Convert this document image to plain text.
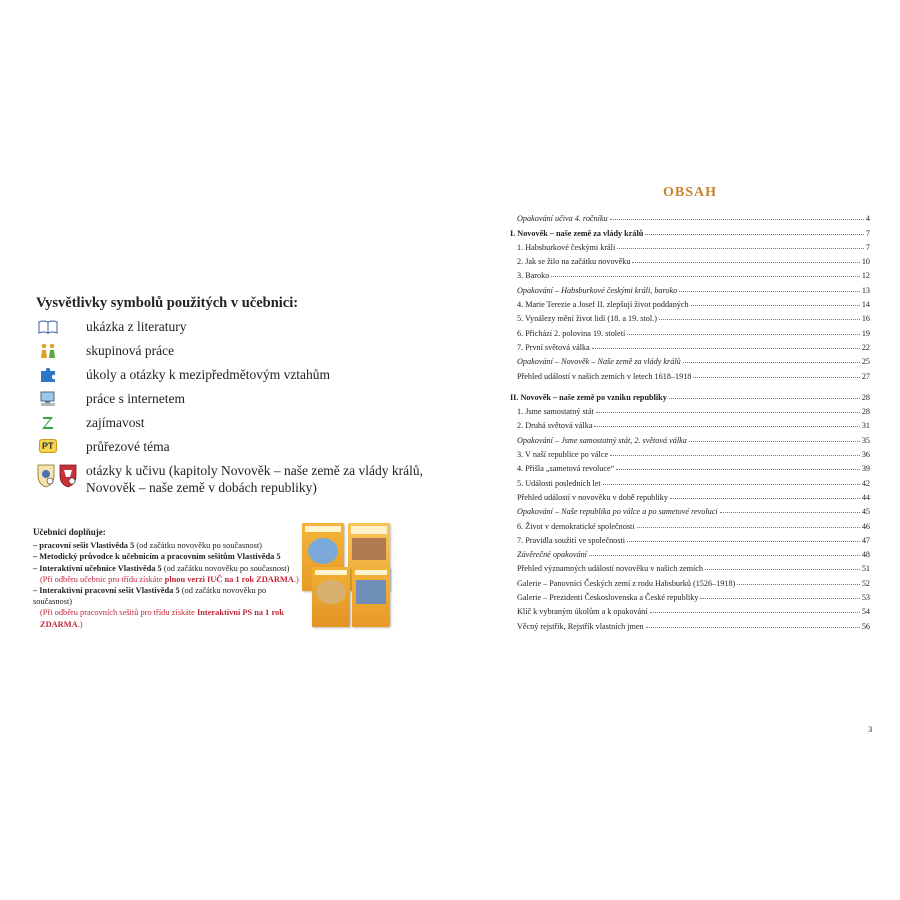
Vysvětlivky symbolů použitých v učebnici:
ukázka z literatury
skupinová práce
úkoly a otázky k mezipředmětovým vztahům
práce s internetem
zajímavost
PT průřezové téma
otázky k učivu (kapitoly Novověk – naše země za vlády králů,
Novověk – naše země v dobách republiky)
Učebnici doplňuje:
– pracovní sešit Vlastivěda 5 (od začátku novověku po současnost)
– Metodický průvodce k učebnicím a pracovním sešitům Vlastivěda 5
– Interaktivní učebnice Vlastivěda 5 (od začátku novověku po současnost)
(Při odběru učebnic pro třídu získáte plnou verzi IUČ na 1 rok ZDARMA.)
– Interaktivní pracovní sešit Vlastivěda 5 (od začátku novověku po současnost)
(Při odběru pracovních sešitů pro třídu získáte Interaktivní PS na 1 rok ZDARMA.)
OBSAH
Opakování učiva 4. ročníku	4
I. Novověk – naše země za vlády králů	7
1. Habsburkové českými králi	7
2. Jak se žilo na začátku novověku	10
3. Baroko	12
Opakování – Habsburkové českými králi, baroko	13
4. Marie Terezie a Josef II. zlepšují život poddaných	14
5. Vynálezy mění život lidí (18. a 19. stol.)	16
6. Přichází 2. polovina 19. století	19
7. První světová válka	22
Opakování – Novověk – Naše země za vlády králů	25
Přehled událostí v našich zemích v letech 1618–1918	27
II. Novověk – naše země po vzniku republiky	28
1. Jsme samostatný stát	28
2. Druhá světová válka	31
Opakování – Jsme samostatný stát, 2. světová válka	35
3. V naší republice po válce	36
4. Přišla „sametová revoluce“	39
5. Události posledních let	42
Přehled událostí v novověku v době republiky	44
Opakování – Naše republika po válce a po sametové revoluci	45
6. Život v demokratické společnosti	46
7. Pravidla soužití ve společnosti	47
Závěrečné opakování	48
Přehled významných událostí novověku v našich zemích	51
Galerie – Panovníci Českých zemí z rodu Habsburků (1526–1918)	52
Galerie – Prezidenti Československa a České republiky	53
Klíč k vybraným úkolům a k opakování	54
Věcný rejstřík, Rejstřík vlastních jmen	56
3
